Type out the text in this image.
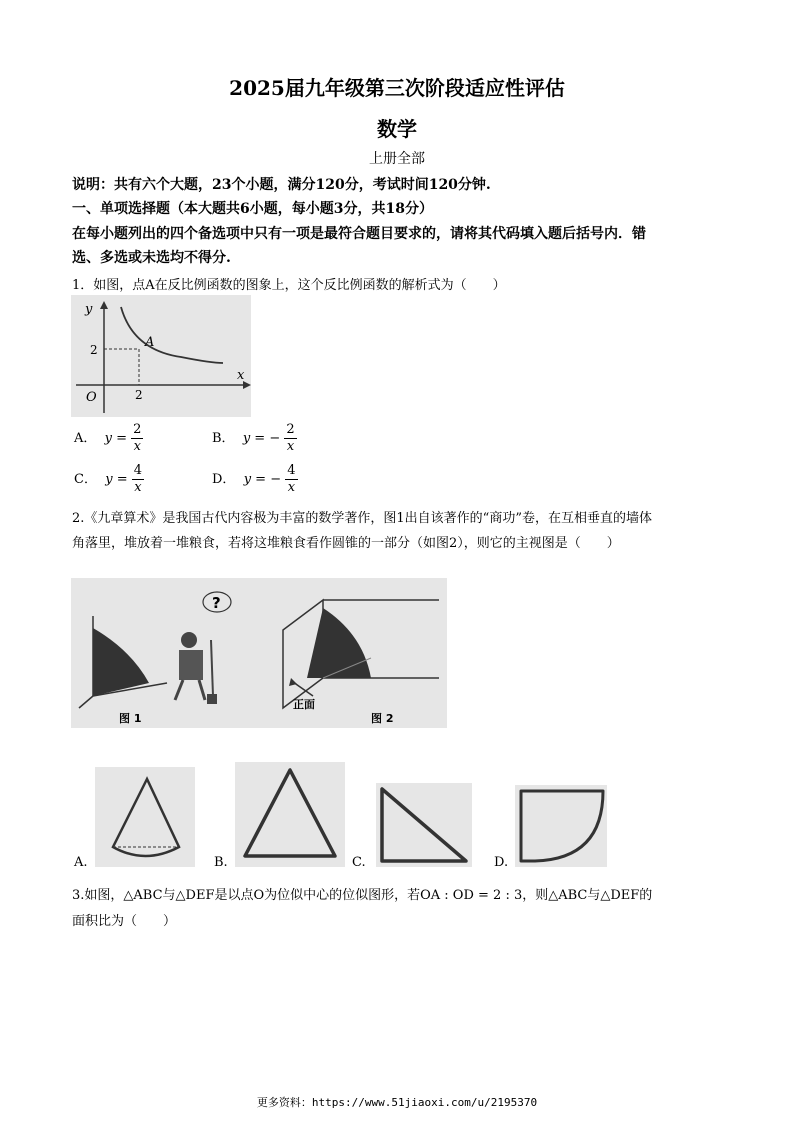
2025届九年级第三次阶段适应性评估
数学
上册全部
说明：共有六个大题，23个小题，满分120分，考试时间120分钟.
一、单项选择题（本大题共6小题，每小题3分，共18分）
在每小题列出的四个备选项中只有一项是最符合题目要求的，请将其代码填入题后括号内．错
选、多选或未选均不得分.
1．如图，点A在反比例函数的图象上，这个反比例函数的解析式为（　　）
y
x
O
2
2
A
A． $y = \frac{2}{x}$	B． y = − $\frac{2}{x}$
C． $y = \frac{4}{x}$	D． y = − $\frac{4}{x}$
2.《九章算术》是我国古代内容极为丰富的数学著作，图1出自该著作的“商功”卷，在互相垂直的墙体
角落里，堆放着一堆粮食，若将这堆粮食看作圆锥的一部分（如图2），则它的主视图是（　　）
?
正面
图 1	图 2
A.	B.	C.	D.
3.如图，△ABC与△DEF是以点O为位似中心的位似图形，若OA : OD = 2 : 3，则△ABC与△DEF的
面积比为（　　）
更多资料：https://www.51jiaoxi.com/u/2195370
